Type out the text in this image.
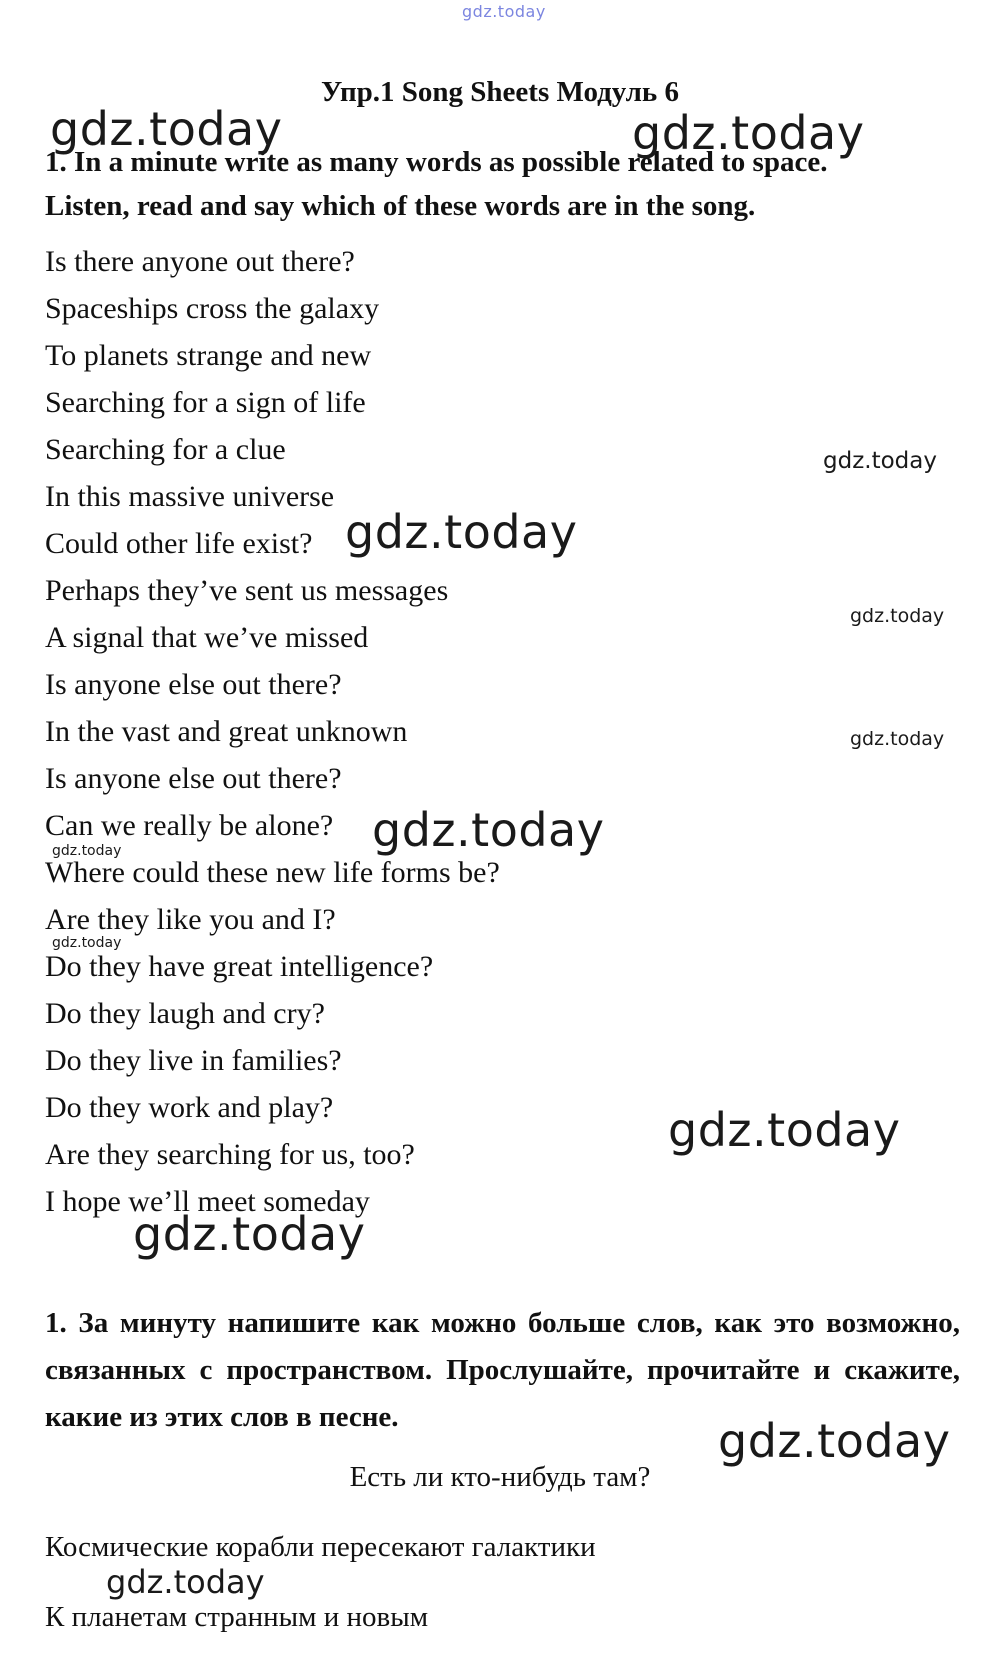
gdz.today
Упр.1 Song Sheets Модуль 6
1. In a minute write as many words as possible related to space.
Listen, read and say which of these words are in the song.
Is there anyone out there?
Spaceships cross the galaxy
To planets strange and new
Searching for a sign of life
Searching for a clue
In this massive universe
Could other life exist?
Perhaps they’ve sent us messages
A signal that we’ve missed
Is anyone else out there?
In the vast and great unknown
Is anyone else out there?
Can we really be alone?
Where could these new life forms be?
Are they like you and I?
Do they have great intelligence?
Do they laugh and cry?
Do they live in families?
Do they work and play?
Are they searching for us, too?
I hope we’ll meet someday
1. За минуту напишите как можно больше слов, как это возможно, связанных с пространством. Прослушайте, прочитайте и скажите, какие из этих слов в песне.
Есть ли кто-нибудь там?
Космические корабли пересекают галактики
К планетам странным и новым
gdz.today	gdz.today
gdz.today
gdz.today
gdz.today
gdz.today
gdz.today
gdz.today
gdz.today
gdz.today
gdz.today
gdz.today
gdz.today
